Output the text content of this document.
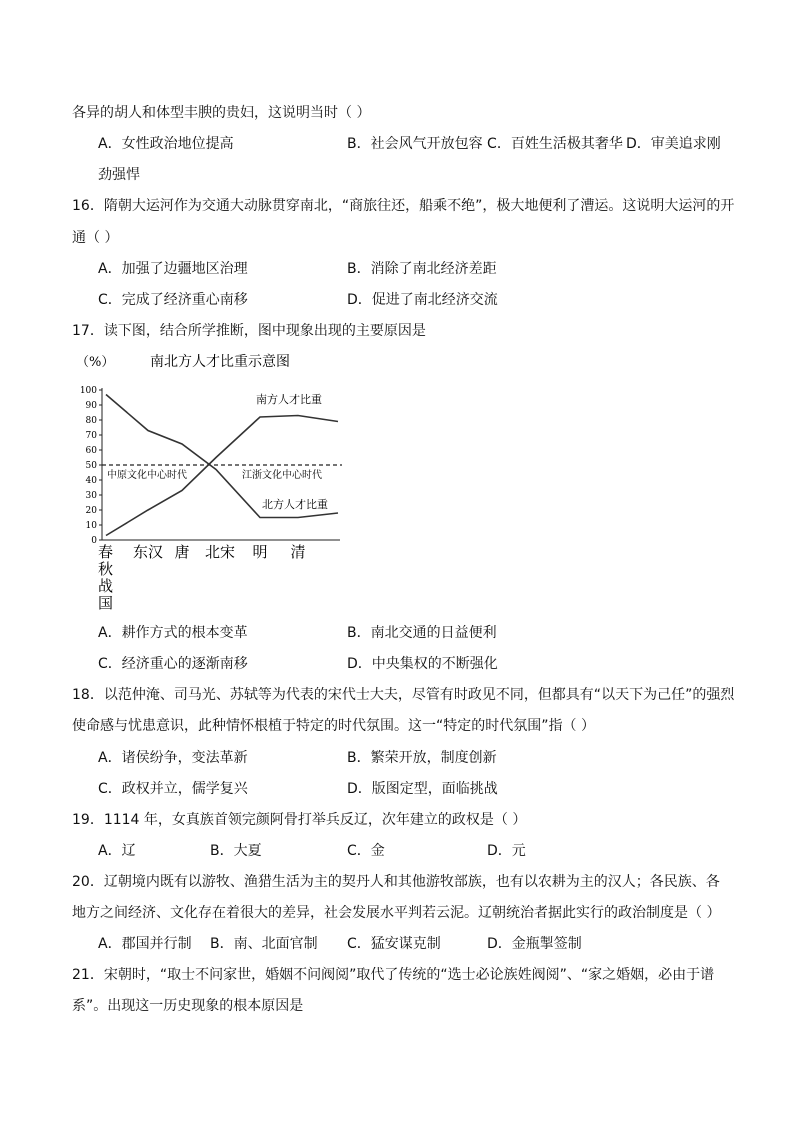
各异的胡人和体型丰腴的贵妇，这说明当时（ ）
A．女性政治地位提高	B．社会风气开放包容 C．百姓生活极其奢华 D．审美追求刚
劲强悍
16．隋朝大运河作为交通大动脉贯穿南北，“商旅往还，船乘不绝”，极大地便利了漕运。这说明大运河的开
通（ ）
A．加强了边疆地区治理	B．消除了南北经济差距
C．完成了经济重心南移	D．促进了南北经济交流
17．读下图，结合所学推断，图中现象出现的主要原因是
（%）	南北方人才比重示意图
0
10
20
30
40
50
60
70
80
90
100
春秋战国
东汉 唐 北宋 明 清
南方人才比重
北方人才比重
中原文化中心时代	江浙文化中心时代
A．耕作方式的根本变革	B．南北交通的日益便利
C．经济重心的逐渐南移	D．中央集权的不断强化
18．以范仲淹、司马光、苏轼等为代表的宋代士大夫，尽管有时政见不同，但都具有“以天下为己任”的强烈
使命感与忧患意识，此种情怀根植于特定的时代氛围。这一“特定的时代氛围”指（ ）
A．诸侯纷争，变法革新	B．繁荣开放，制度创新
C．政权并立，儒学复兴	D．版图定型，面临挑战
19．1114 年，女真族首领完颜阿骨打举兵反辽，次年建立的政权是（ ）
A．辽	B．大夏	C．金	D．元
20．辽朝境内既有以游牧、渔猎生活为主的契丹人和其他游牧部族，也有以农耕为主的汉人；各民族、各
地方之间经济、文化存在着很大的差异，社会发展水平判若云泥。辽朝统治者据此实行的政治制度是（ ）
A．郡国并行制 B．南、北面官制 C．猛安谋克制	D．金瓶掣签制
21．宋朝时，“取士不问家世，婚姻不问阀阅”取代了传统的“选士必论族姓阀阅”、“家之婚姻，必由于谱
系”。出现这一历史现象的根本原因是
